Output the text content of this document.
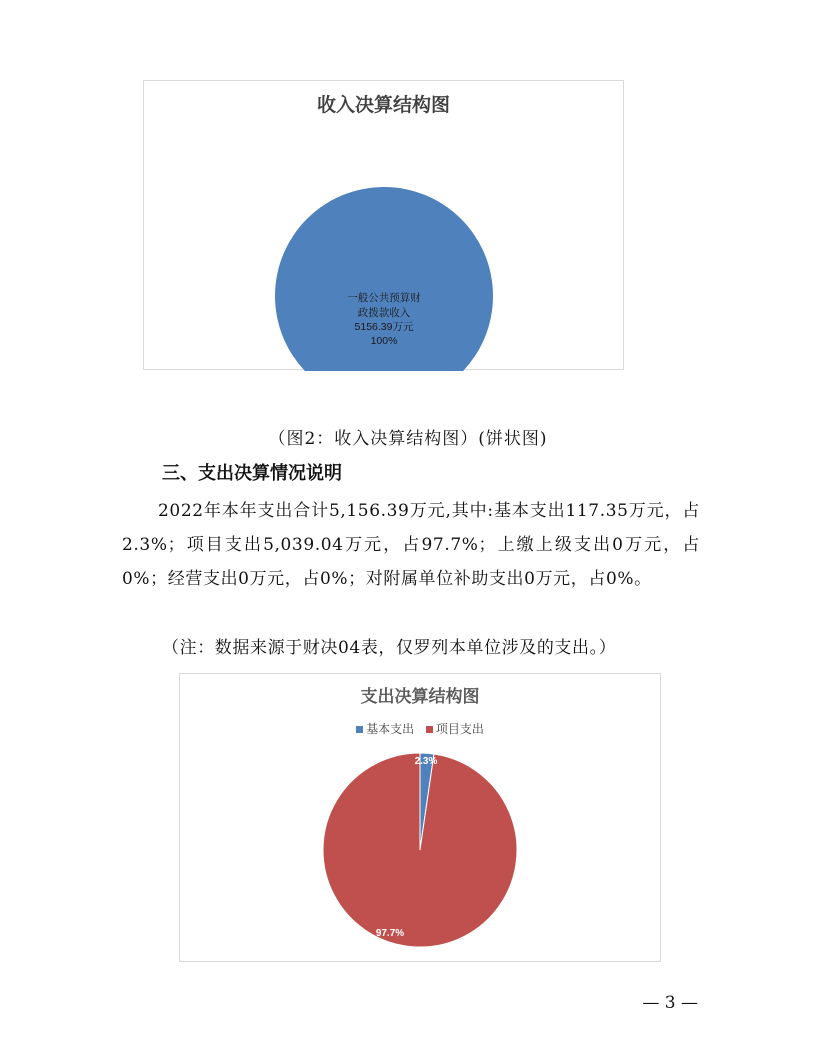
收入决算结构图
一般公共预算财
政拨款收入
5156.39万元
100%
（图2：收入决算结构图）(饼状图)
三、支出决算情况说明

2022年本年支出合计5,156.39万元,其中:基本支出117.35万元，占2.3%；项目支出5,039.04万元，占97.7%；上缴上级支出0万元，占0%；经营支出0万元，占0%；对附属单位补助支出0万元，占0%。

（注：数据来源于财决04表，仅罗列本单位涉及的支出。）
支出决算结构图
基本支出 项目支出
2.3%
97.7%
— 3 —
